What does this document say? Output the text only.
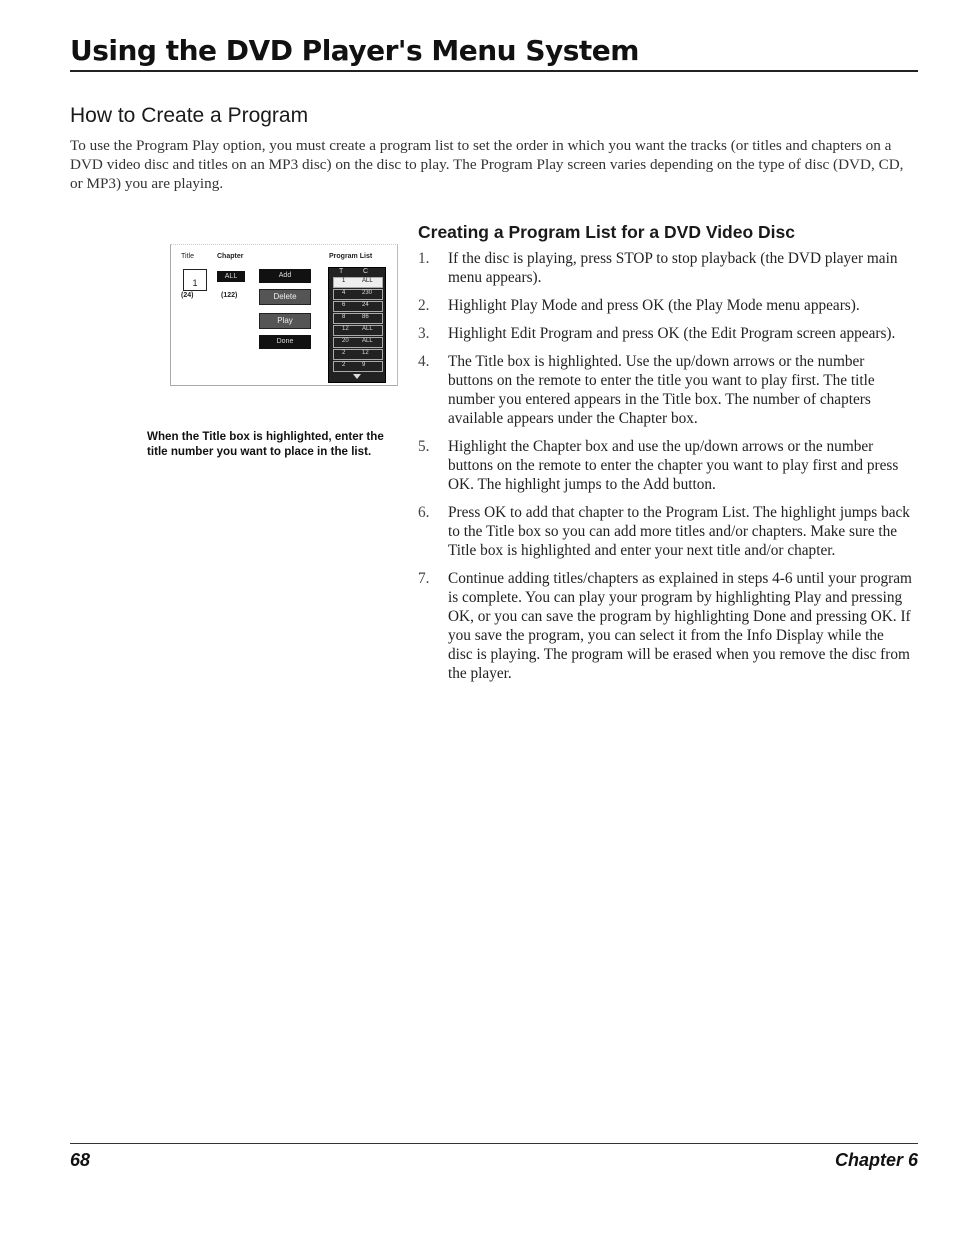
Using the DVD Player's Menu System
How to Create a Program
To use the Program Play option, you must create a program list to set the order in which you want the tracks (or titles and chapters on a DVD video disc and titles on an MP3 disc) on the disc to play. The Program Play screen varies depending on the type of disc (DVD, CD, or MP3) you are playing.
Title	Chapter	Program List
1
ALL
(24)	(122)
Add
Delete
Play
Done
T	C
1	ALL
4	230
6	24
8	86
12 ALL
20 ALL
2	12
2	9
When the Title box is highlighted, enter the title number you want to place in the list.
Creating a Program List for a DVD Video Disc
1. If the disc is playing, press STOP to stop playback (the DVD player main menu appears).
2. Highlight Play Mode and press OK (the Play Mode menu appears).
3. Highlight Edit Program and press OK (the Edit Program screen appears).
4. The Title box is highlighted. Use the up/down arrows or the number buttons on the remote to enter the title you want to play first. The title number you entered appears in the Title box. The number of chapters available appears under the Chapter box.
5. Highlight the Chapter box and use the up/down arrows or the number buttons on the remote to enter the chapter you want to play first and press OK. The highlight jumps to the Add button.
6. Press OK to add that chapter to the Program List. The highlight jumps back to the Title box so you can add more titles and/or chapters. Make sure the Title box is highlighted and enter your next title and/or chapter.
7. Continue adding titles/chapters as explained in steps 4-6 until your program is complete. You can play your program by highlighting Play and pressing OK, or you can save the program by highlighting Done and pressing OK. If you save the program, you can select it from the Info Display while the disc is playing. The program will be erased when you remove the disc from the player.
68	Chapter 6
